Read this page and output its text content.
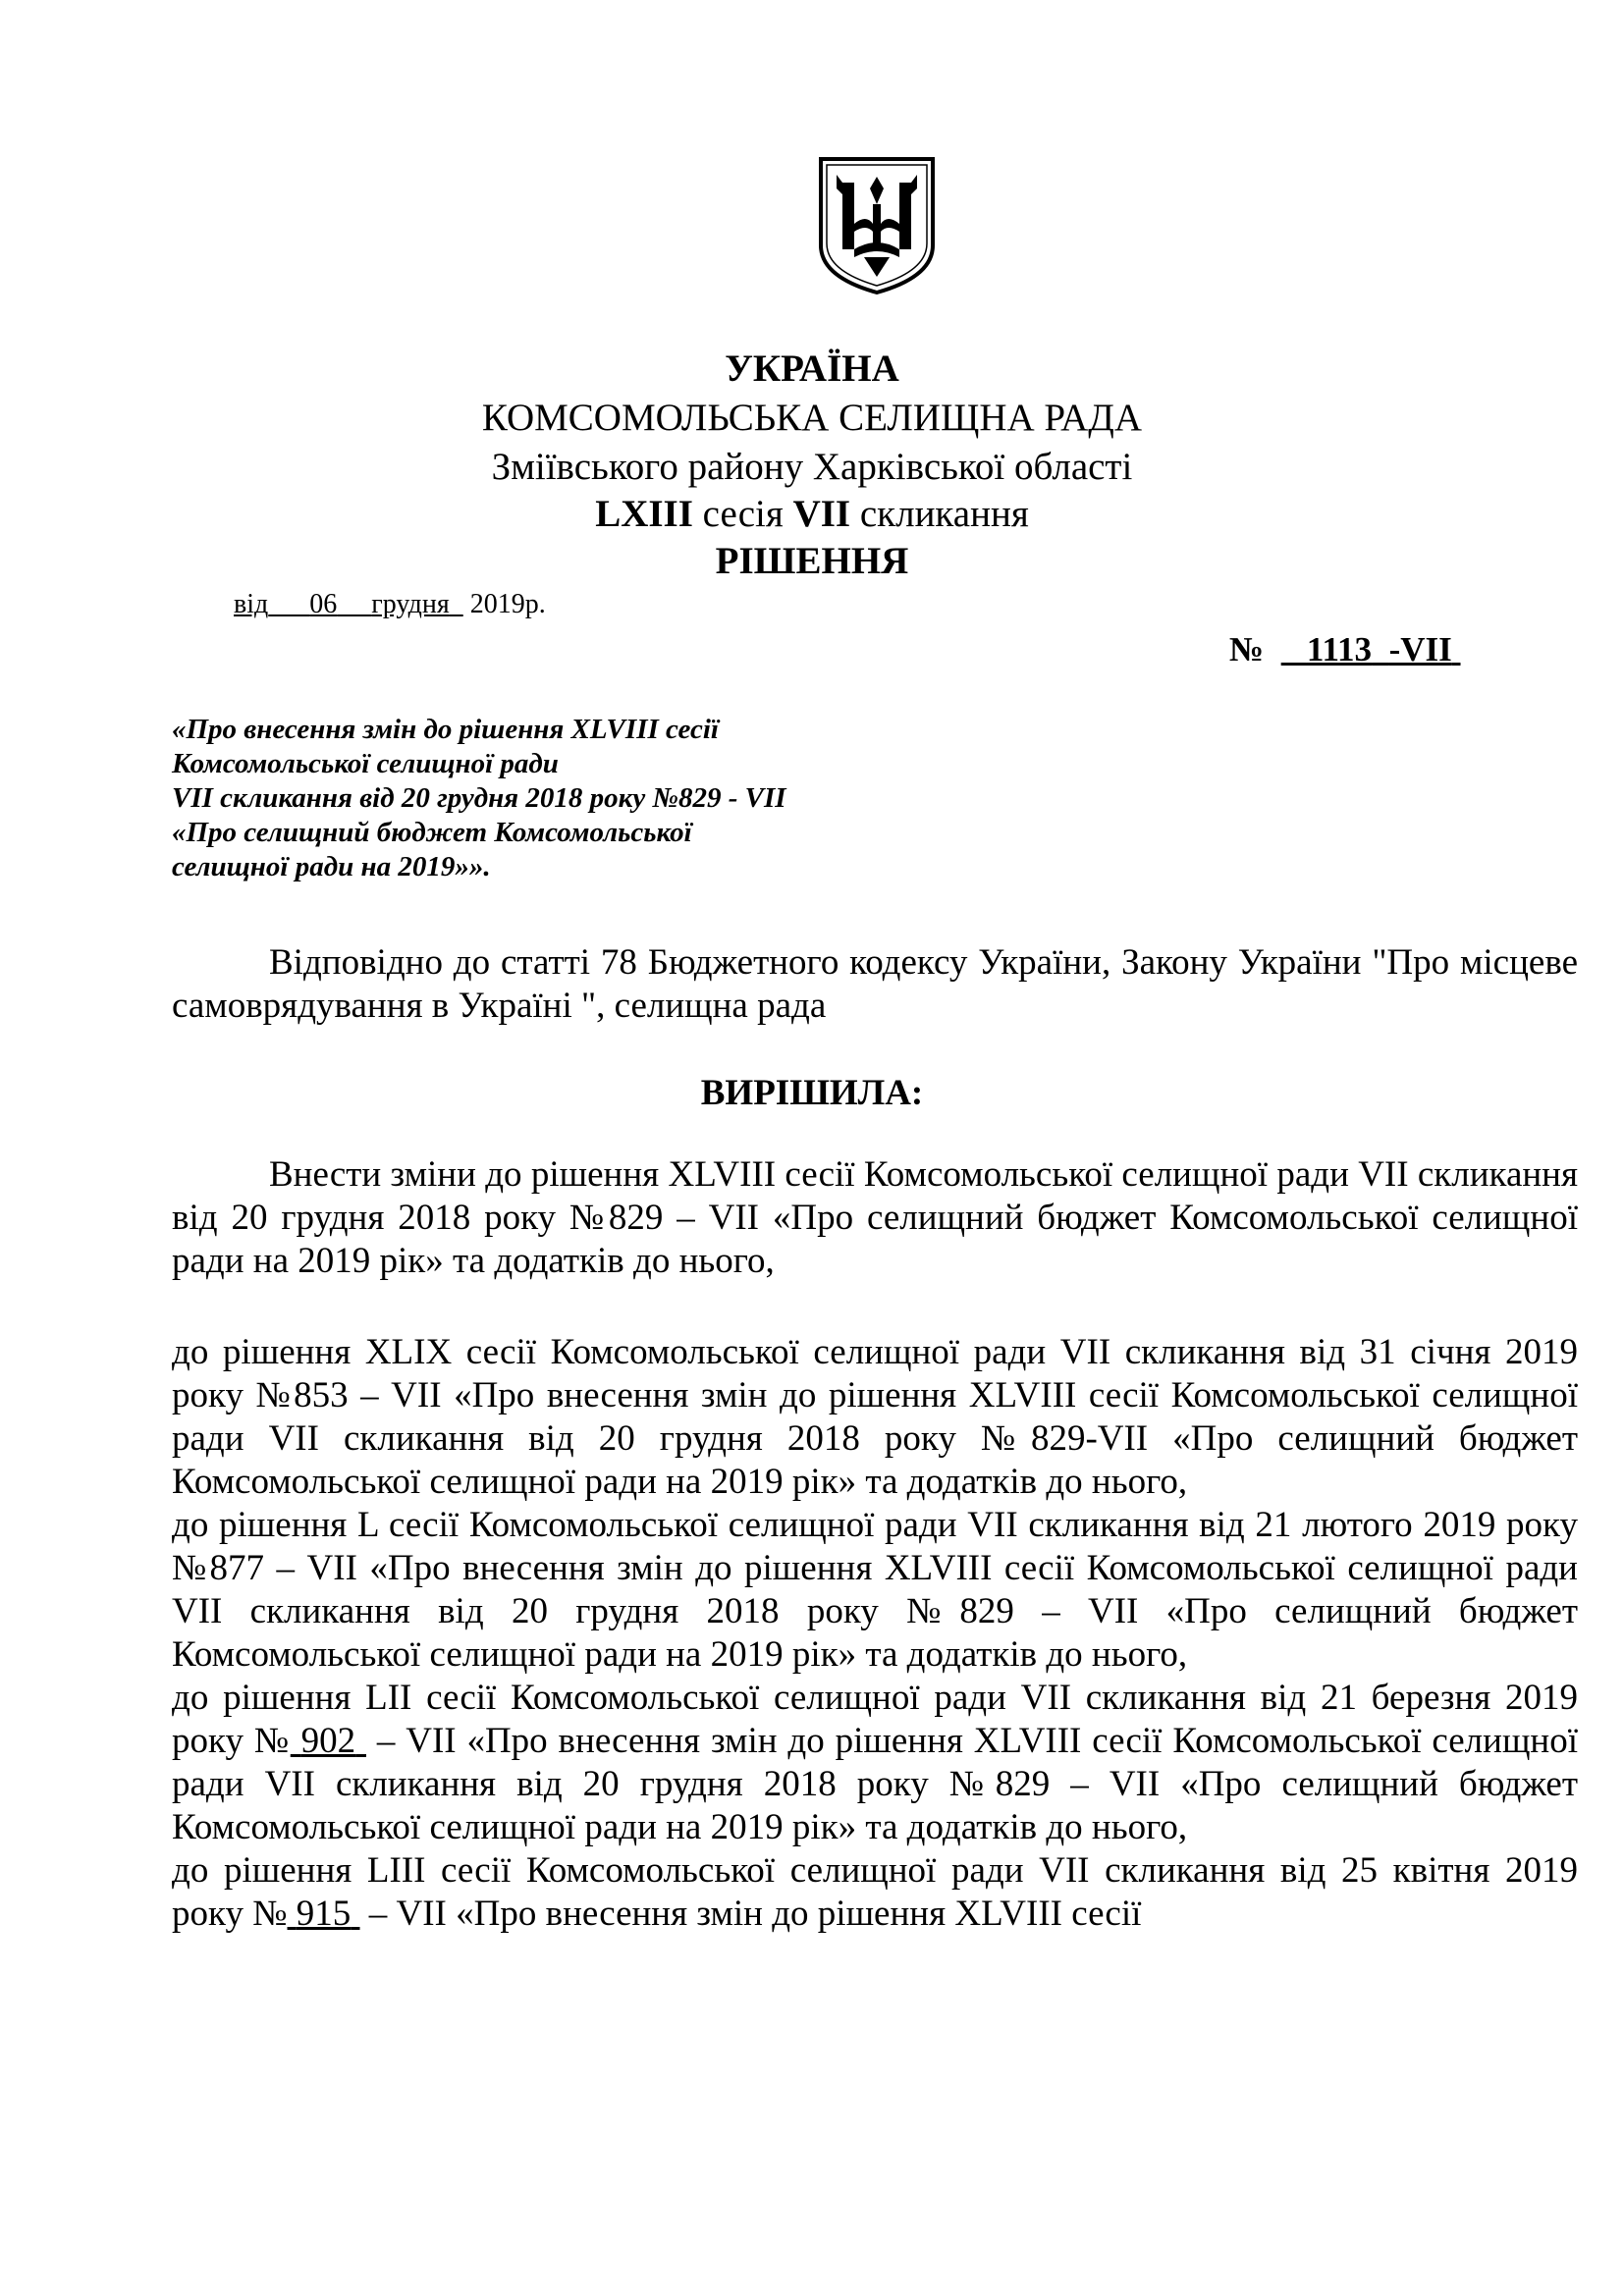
УКРАЇНА
КОМСОМОЛЬСЬКА СЕЛИЩНА РАДА
Зміївського району Харківської області
LXIII сесія VII скликання
РІШЕННЯ
від 06 грудня 2019р.
№   _1113 -VII
«Про внесення змін до рішення XLVIII сесії
Комсомольської селищної ради
VII скликання від 20 грудня 2018 року №829 - VII
«Про селищний бюджет Комсомольської
селищної ради на 2019»».
Відповідно до статті 78 Бюджетного кодексу України, Закону України "Про місцеве самоврядування в Україні ", селищна рада
ВИРІШИЛА:
Внести зміни до рішення XLVIII сесії Комсомольської селищної ради VII скликання від 20 грудня 2018 року №829 – VII «Про селищний бюджет Комсомольської селищної ради на 2019 рік» та додатків до нього,
до рішення XLIX сесії Комсомольської селищної ради VII скликання від 31 січня 2019 року №853 – VII «Про внесення змін до рішення XLVIII сесії Комсомольської селищної ради VII скликання від 20 грудня 2018 року №829-VII «Про селищний бюджет Комсомольської селищної ради на 2019 рік» та додатків до нього,
до рішення L сесії Комсомольської селищної ради VII скликання від 21 лютого 2019 року №877 – VII «Про внесення змін до рішення XLVIII сесії Комсомольської селищної ради VII скликання від 20 грудня 2018 року №829 – VII «Про селищний бюджет Комсомольської селищної ради на 2019 рік» та додатків до нього,
до рішення LII сесії Комсомольської селищної ради VII скликання від 21 березня 2019 року № 902  – VII «Про внесення змін до рішення XLVIII сесії Комсомольської селищної ради VII скликання від 20 грудня 2018 року №829 – VII «Про селищний бюджет Комсомольської селищної ради на 2019 рік» та додатків до нього,
до рішення LIII сесії Комсомольської селищної ради VII скликання від 25 квітня 2019 року № 915  – VII «Про внесення змін до рішення XLVIII сесії
